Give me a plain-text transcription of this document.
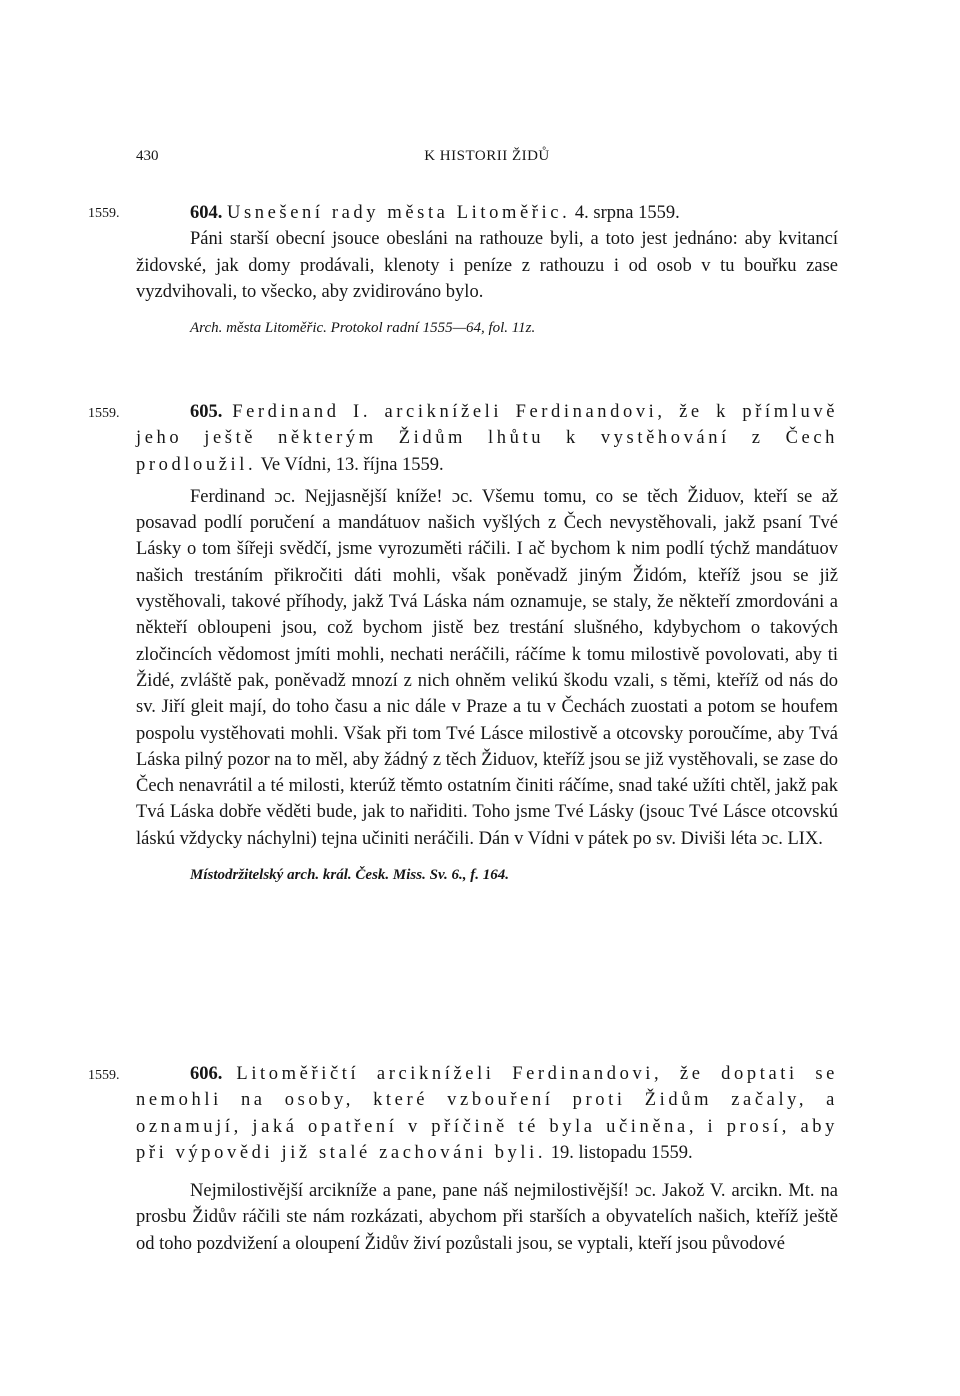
430	K HISTORII ŽIDŮ
1559.	604. Usnešení rady města Litoměřic. 4. srpna 1559.

Páni starší obecní jsouce obesláni na rathouze byli, a toto jest jednáno: aby kvitancí židovské, jak domy prodávali, klenoty i peníze z rathouzu i od osob v tu bouřku zase vyzdvihovali, to všecko, aby zvidirováno bylo.

Arch. města Litoměřic. Protokol radní 1555—64, fol. 11z.

1559.	605. Ferdinand I. arcikníželi Ferdinandovi, že k přímluvě jeho ještě některým Židům lhůtu k vystěhování z Čech prodloužil. Ve Vídni, 13. října 1559.

Ferdinand ɔc. Nejjasnější kníže! ɔc. Všemu tomu, co se těch Židuov, kteří se až posavad podlí poručení a mandátuov našich vyšlých z Čech nevystěhovali, jakž psaní Tvé Lásky o tom šířeji svědčí, jsme vyrozuměti ráčili. I ač bychom k nim podlí týchž mandátuov našich trestáním přikročiti dáti mohli, však poněvadž jiným Židóm, kteříž jsou se již vystěhovali, takové příhody, jakž Tvá Láska nám oznamuje, se staly, že někteří zmordováni a někteří obloupeni jsou, což bychom jistě bez trestání slušného, kdybychom o takových zločincích vědomost jmíti mohli, nechati neráčili, ráčíme k tomu milostivě povolovati, aby ti Židé, zvláště pak, poněvadž mnozí z nich ohněm velikú škodu vzali, s těmi, kteříž od nás do sv. Jiří gleit mají, do toho času a nic dále v Praze a tu v Čechách zuostati a potom se houfem pospolu vystěhovati mohli. Však při tom Tvé Lásce milostivě a otcovsky poroučíme, aby Tvá Láska pilný pozor na to měl, aby žádný z těch Židuov, kteříž jsou se již vystěhovali, se zase do Čech nenavrátil a té milosti, kterúž těmto ostatním činiti ráčíme, snad také užíti chtěl, jakž pak Tvá Láska dobře věděti bude, jak to nařiditi. Toho jsme Tvé Lásky (jsouc Tvé Lásce otcovskú láskú vždycky náchylni) tejna učiniti neráčili. Dán v Vídni v pátek po sv. Diviši léta ɔc. LIX.

Místodržitelský arch. král. Česk. Miss. Sv. 6., f. 164.

1559.	606. Litoměřičtí arcikníželi Ferdinandovi, že doptati se nemohli na osoby, které vzbouření proti Židům začaly, a oznamují, jaká opatření v příčině té byla učiněna, i prosí, aby při výpovědi již stalé zachováni byli. 19. listopadu 1559.

Nejmilostivější arcikníže a pane, pane náš nejmilostivější! ɔc. Jakož V. arcikn. Mt. na prosbu Židův ráčili ste nám rozkázati, abychom při starších a obyvatelích našich, kteříž ještě od toho pozdvižení a oloupení Židův živí pozůstali jsou, se vyptali, kteří jsou původové
